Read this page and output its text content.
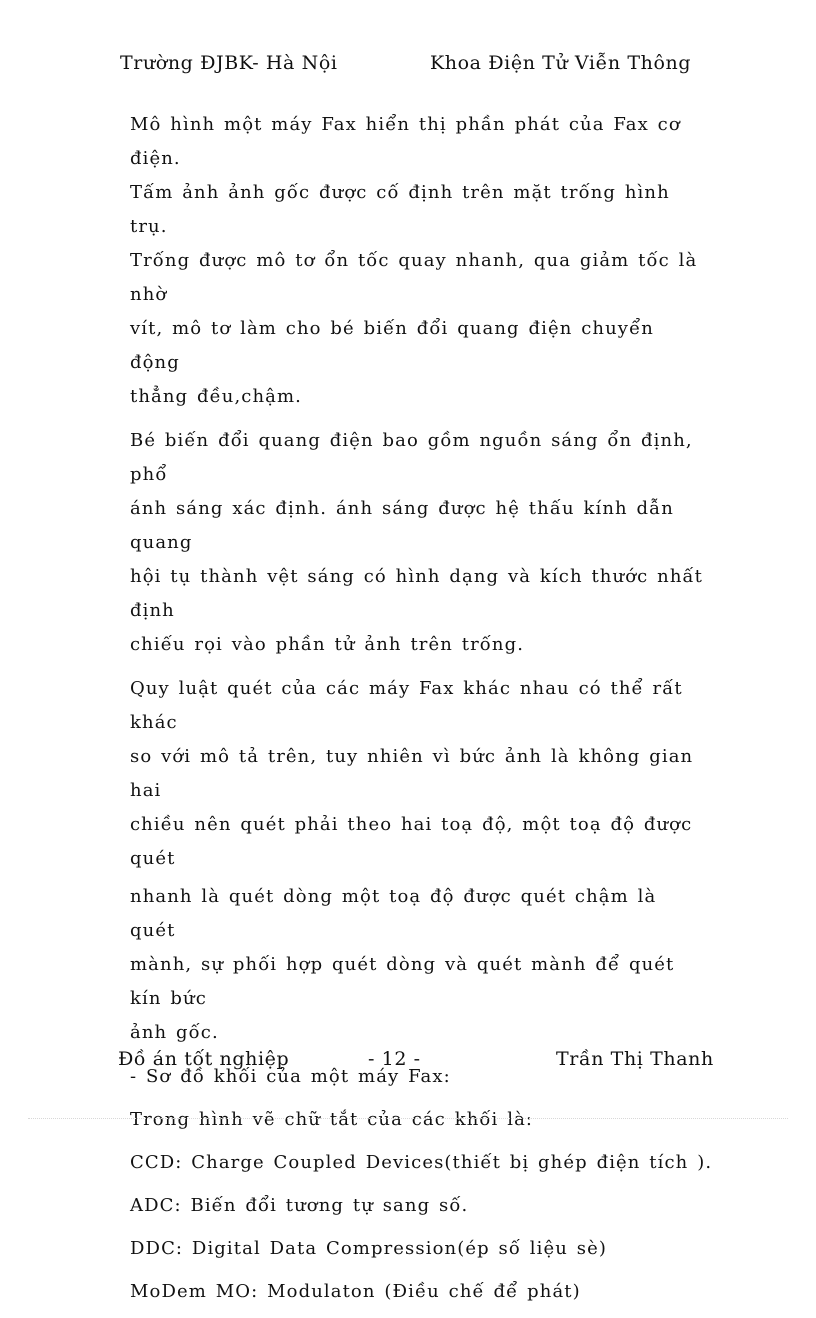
Trường ĐJBK- Hà Nội	Khoa Điện Tử Viễn Thông

Mô hình một máy Fax hiển thị phần phát của Fax cơ điện.
Tấm ảnh ảnh gốc được cố định trên mặt trống hình trụ.
Trống được mô tơ ổn tốc quay nhanh, qua giảm tốc là nhờ
vít, mô tơ làm cho bé biến đổi quang điện chuyển động
thẳng đều,chậm.

Bé biến đổi quang điện bao gồm nguồn sáng ổn định, phổ
ánh sáng xác định. ánh sáng được hệ thấu kính dẫn quang
hội tụ thành vệt sáng có hình dạng và kích thước nhất định
chiếu rọi vào phần tử ảnh trên trống.

Quy luật quét của các máy Fax khác nhau có thể rất khác
so với mô tả trên, tuy nhiên vì bức ảnh là không gian hai
chiều nên quét phải theo hai toạ độ, một toạ độ được quét

nhanh là quét dòng một toạ độ được quét chậm là quét
mành, sự phối hợp quét dòng và quét mành để quét kín bức
ảnh gốc.

- Sơ đồ khối của một máy Fax:

Trong hình vẽ chữ tắt của các khối là:

CCD: Charge Coupled Devices(thiết bị ghép điện tích ).

ADC: Biến đổi tương tự sang số.

DDC: Digital Data Compression(ép số liệu sè)

MoDem MO: Modulaton (Điều chế để phát)

Đồ án tốt nghiệp	- 12 -	Trần Thị Thanh
